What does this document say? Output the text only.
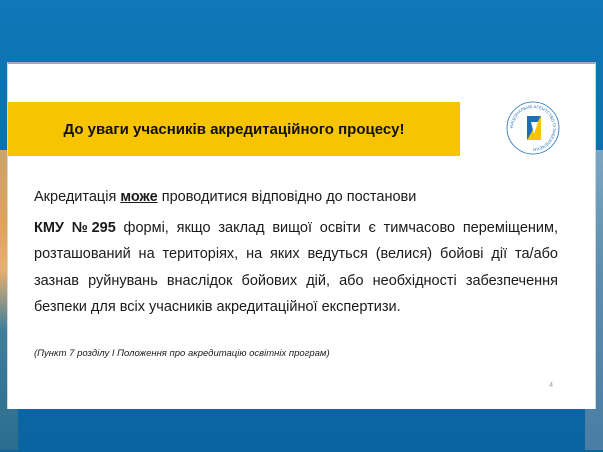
До уваги учасників акредитаційного процесу!	НАЦІОНАЛЬНЕ АГЕНТСТВО ІЗ ЗАБЕЗПЕЧЕНН
Акредитація може проводитися відповідно до постанови
КМУ №295 формі, якщо заклад вищої освіти є тимчасово переміщеним, розташований на територіях, на яких ведуться (велися) бойові дії та/або зазнав руйнувань внаслідок бойових дій, або необхідності забезпечення безпеки для всіх учасників акредитаційної експертизи.
(Пункт 7 розділу І Положення про акредитацію освітніх програм)
4
